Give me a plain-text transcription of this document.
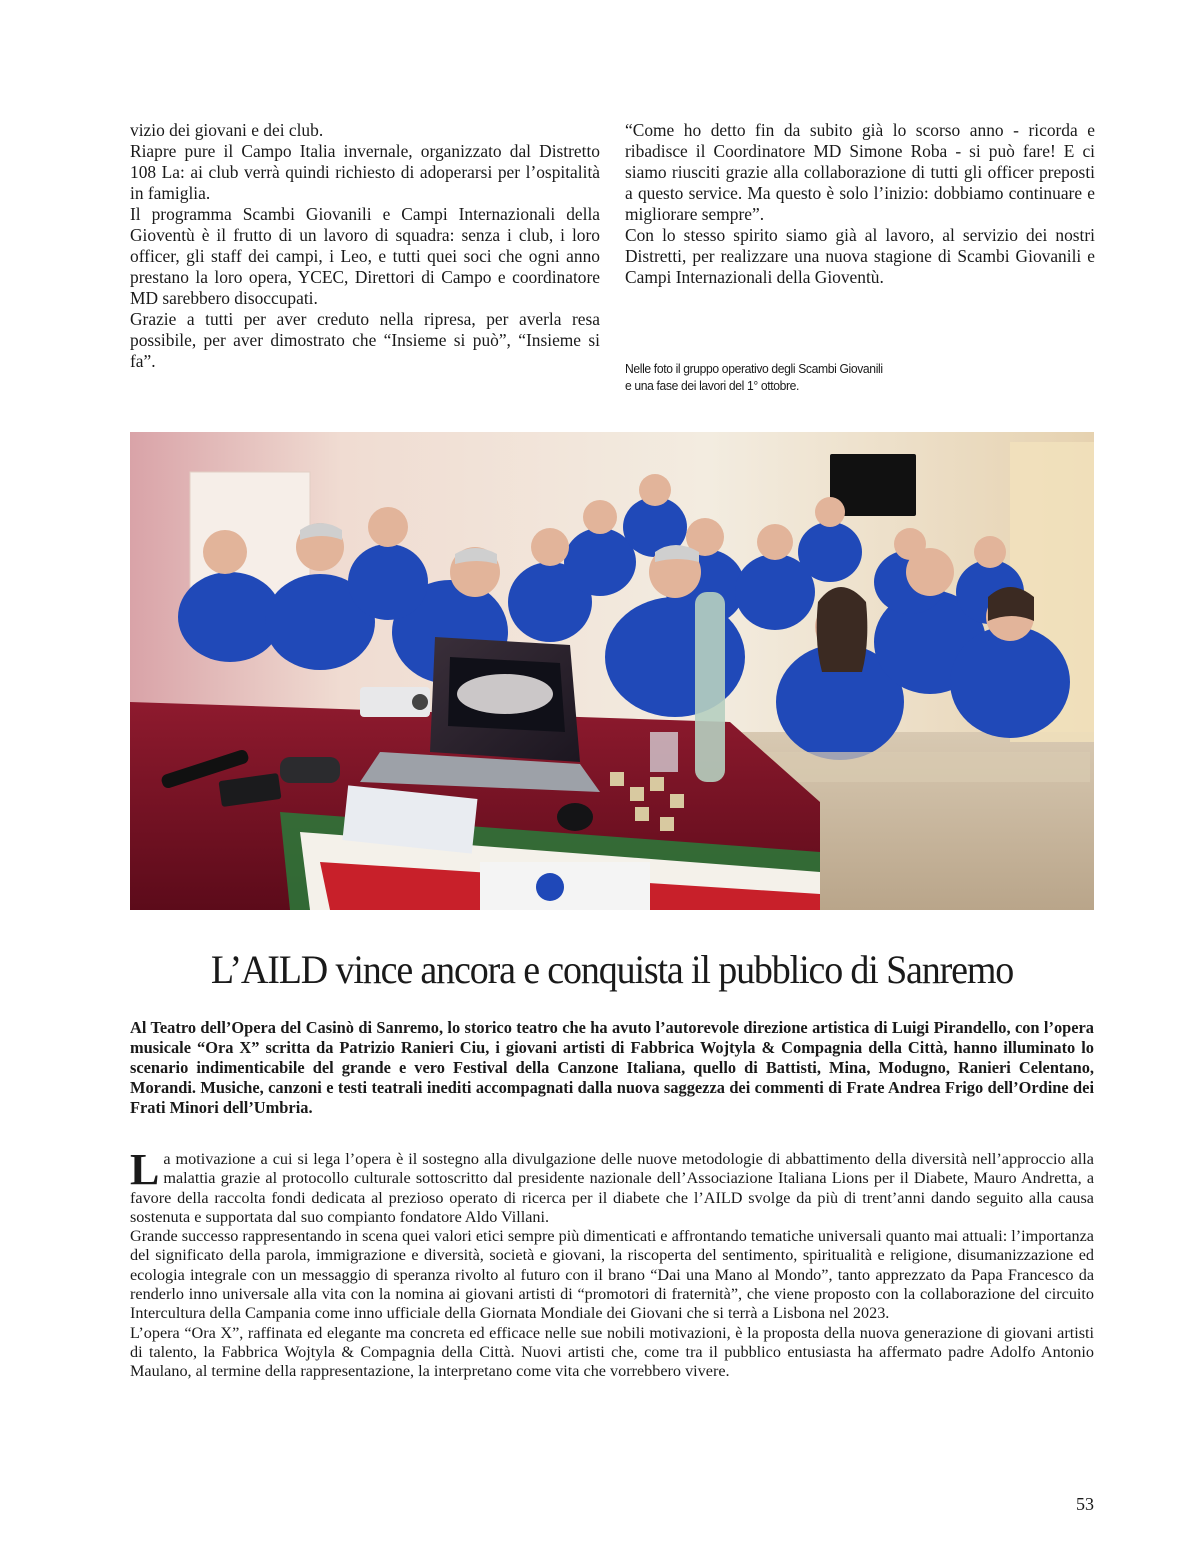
vizio dei giovani e dei club.

Riapre pure il Campo Italia invernale, organizzato dal Distretto 108 La: ai club verrà quindi richiesto di adoperarsi per l’ospitalità in famiglia.

Il programma Scambi Giovanili e Campi Internazionali della Gioventù è il frutto di un lavoro di squadra: senza i club, i loro officer, gli staff dei campi, i Leo, e tutti quei soci che ogni anno prestano la loro opera, YCEC, Direttori di Campo e coordinatore MD sarebbero disoccupati.

Grazie a tutti per aver creduto nella ripresa, per averla resa possibile, per aver dimostrato che “Insieme si può”, “Insieme si fa”.

“Come ho detto fin da subito già lo scorso anno - ricorda e ribadisce il Coordinatore MD Simone Roba - si può fare! E ci siamo riusciti grazie alla collaborazione di tutti gli officer preposti a questo service. Ma questo è solo l’inizio: dobbiamo continuare e migliorare sempre”.

Con lo stesso spirito siamo già al lavoro, al servizio dei nostri Distretti, per realizzare una nuova stagione di Scambi Giovanili e Campi Internazionali della Gioventù.

Nelle foto il gruppo operativo degli Scambi Giovanili
e una fase dei lavori del 1° ottobre.
L’AILD vince ancora e conquista il pubblico di Sanremo
Al Teatro dell’Opera del Casinò di Sanremo, lo storico teatro che ha avuto l’autorevole direzione artistica di Luigi Pirandello, con l’opera musicale “Ora X” scritta da Patrizio Ranieri Ciu, i giovani artisti di Fabbrica Wojtyla & Compagnia della Città, hanno illuminato lo scenario indimenticabile del grande e vero Festival della Canzone Italiana, quello di Battisti, Mina, Modugno, Ranieri Celentano, Morandi. Musiche, canzoni e testi teatrali inediti accompagnati dalla nuova saggezza dei commenti di Frate Andrea Frigo dell’Ordine dei Frati Minori dell’Umbria.

La motivazione a cui si lega l’opera è il sostegno alla divulgazione delle nuove metodologie di abbattimento della diversità nell’approccio alla malattia grazie al protocollo culturale sottoscritto dal presidente nazionale dell’Associazione Italiana Lions per il Diabete, Mauro Andretta, a favore della raccolta fondi dedicata al prezioso operato di ricerca per il diabete che l’AILD svolge da più di trent’anni dando seguito alla causa sostenuta e supportata dal suo compianto fondatore Aldo Villani.

Grande successo rappresentando in scena quei valori etici sempre più dimenticati e affrontando tematiche universali quanto mai attuali: l’importanza del significato della parola, immigrazione e diversità, società e giovani, la riscoperta del sentimento, spiritualità e religione, disumanizzazione ed ecologia integrale con un messaggio di speranza rivolto al futuro con il brano “Dai una Mano al Mondo”, tanto apprezzato da Papa Francesco da renderlo inno universale alla vita con la nomina ai giovani artisti di “promotori di fraternità”, che viene proposto con la collaborazione del circuito Intercultura della Campania come inno ufficiale della Giornata Mondiale dei Giovani che si terrà a Lisbona nel 2023.

L’opera “Ora X”, raffinata ed elegante ma concreta ed efficace nelle sue nobili motivazioni, è la proposta della nuova generazione di giovani artisti di talento, la Fabbrica Wojtyla & Compagnia della Città. Nuovi artisti che, come tra il pubblico entusiasta ha affermato padre Adolfo Antonio Maulano, al termine della rappresentazione, la interpretano come vita che vorrebbero vivere.

53
